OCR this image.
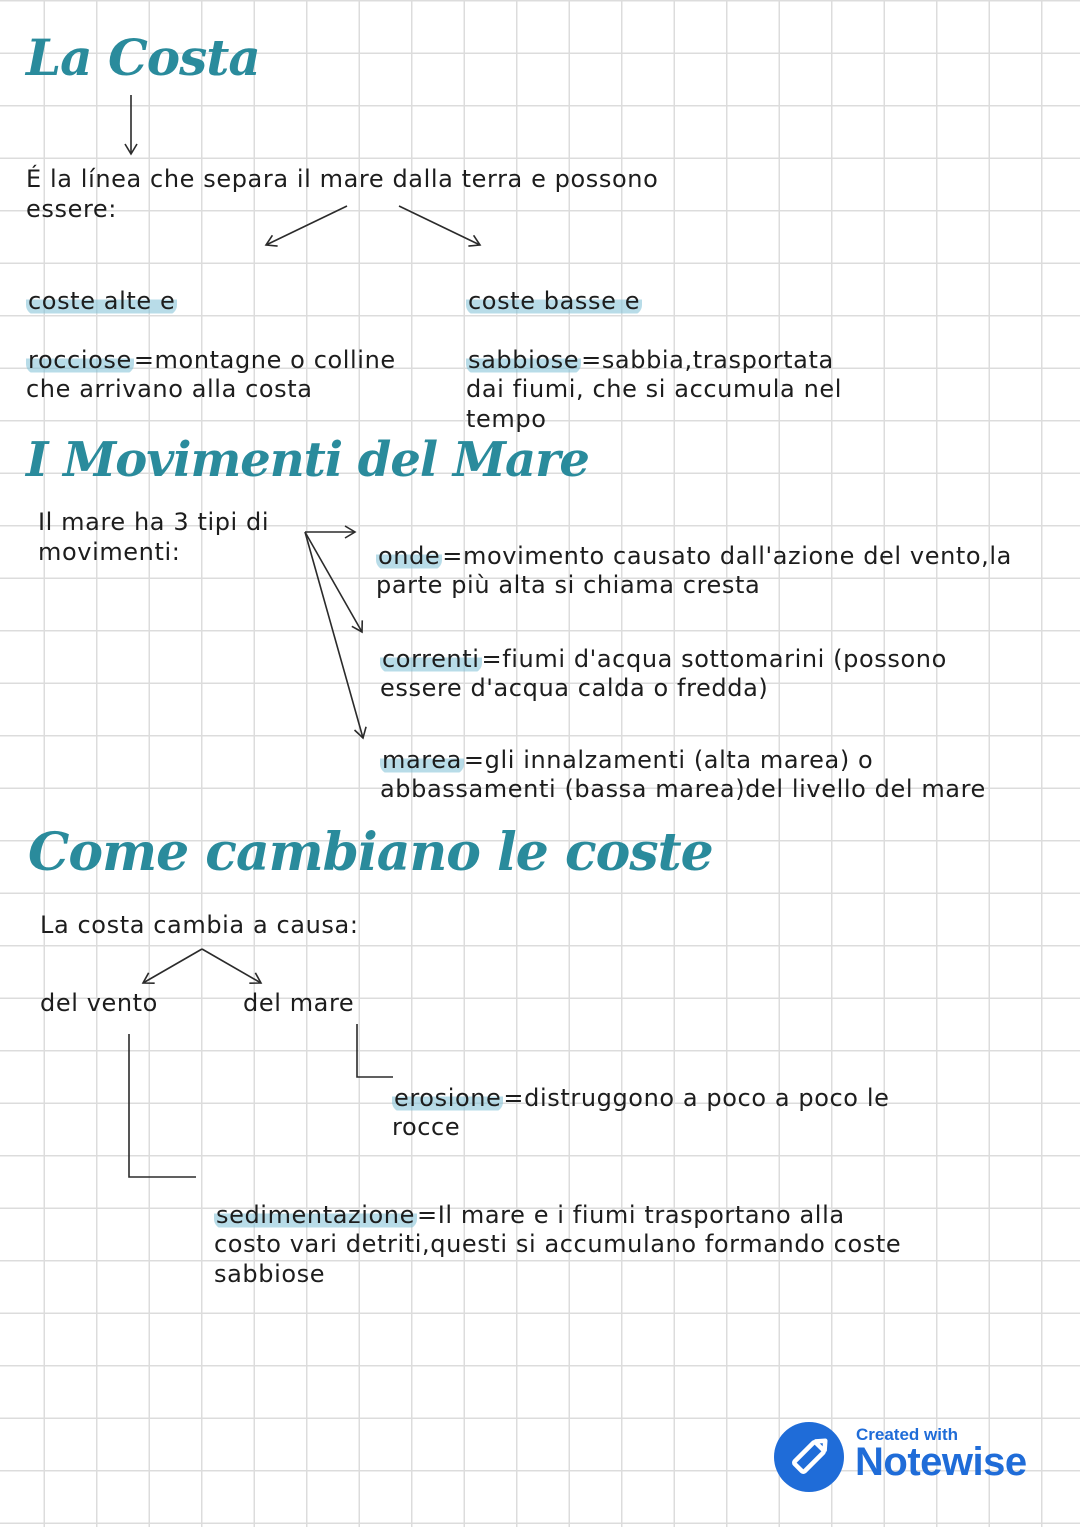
La Costa
É la línea che separa il mare dalla terra e possono
essere:

coste alte e

rocciose=montagne o colline
che arrivano alla costa

coste basse e

sabbiose=sabbia,trasportata
dai fiumi, che si accumula nel
tempo

I Movimenti del Mare
Il mare ha 3 tipi di
movimenti:	onde=movimento causato dall'azione del vento,la
parte più alta si chiama cresta

correnti=fiumi d'acqua sottomarini (possono
essere d'acqua calda o fredda)

marea=gli innalzamenti (alta marea) o
abbassamenti (bassa marea)del livello del mare

Come cambiano le coste
La costa cambia a causa:
del vento	del mare

erosione=distruggono a poco a poco le
rocce

sedimentazione=Il mare e i fiumi trasportano alla
costo vari detriti,questi si accumulano formando coste
sabbiose

Created with
Notewise
